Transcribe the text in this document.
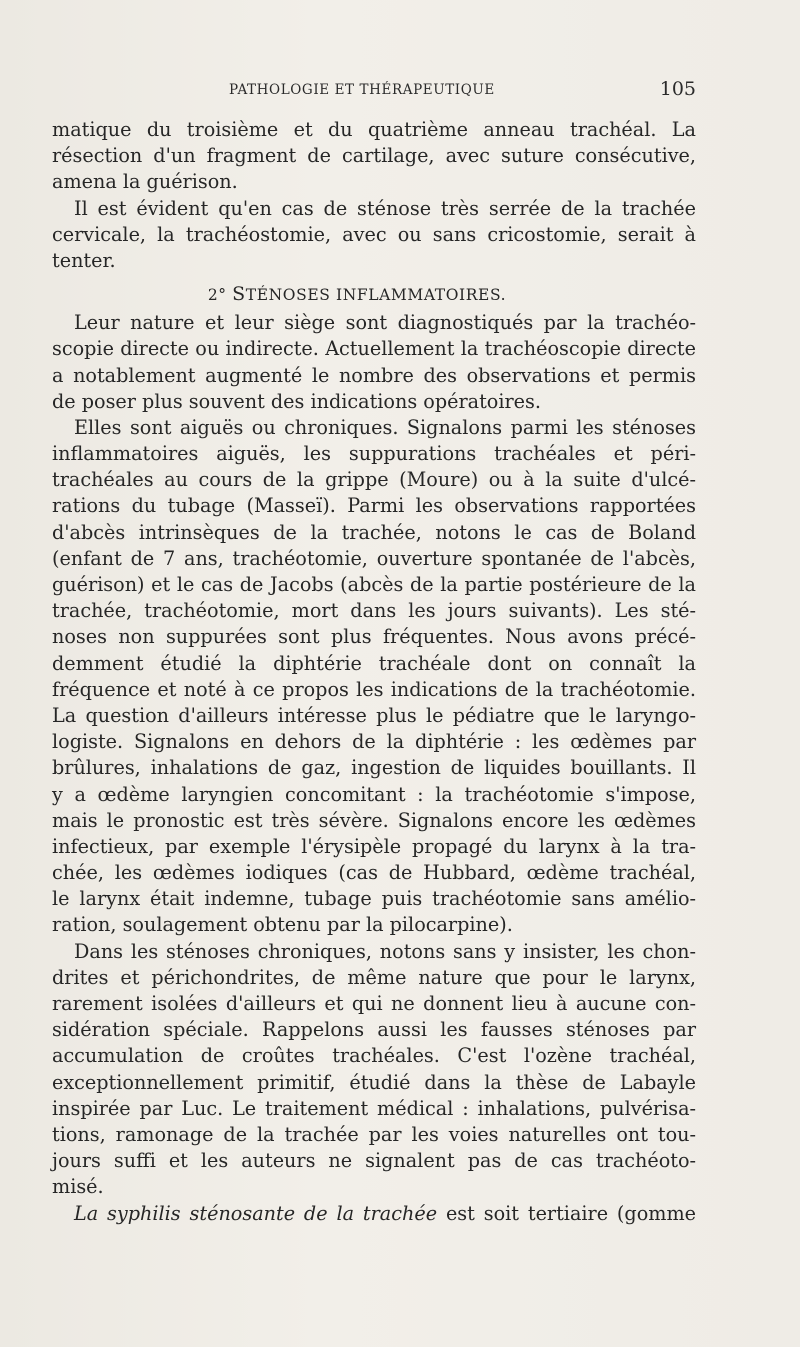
PATHOLOGIE ET THÉRAPEUTIQUE	105
matique du troisième et du quatrième anneau trachéal. La
résection d'un fragment de cartilage, avec suture consécutive,
amena la guérison.
Il est évident qu'en cas de sténose très serrée de la trachée
cervicale, la trachéostomie, avec ou sans cricostomie, serait à
tenter.
2° STÉNOSES INFLAMMATOIRES.
Leur nature et leur siège sont diagnostiqués par la trachéo-
scopie directe ou indirecte. Actuellement la trachéoscopie directe
a notablement augmenté le nombre des observations et permis
de poser plus souvent des indications opératoires.
Elles sont aiguës ou chroniques. Signalons parmi les sténoses
inflammatoires aiguës, les suppurations trachéales et péri-
trachéales au cours de la grippe (Moure) ou à la suite d'ulcé-
rations du tubage (Masseï). Parmi les observations rapportées
d'abcès intrinsèques de la trachée, notons le cas de Boland
(enfant de 7 ans, trachéotomie, ouverture spontanée de l'abcès,
guérison) et le cas de Jacobs (abcès de la partie postérieure de la
trachée, trachéotomie, mort dans les jours suivants). Les sté-
noses non suppurées sont plus fréquentes. Nous avons précé-
demment étudié la diphtérie trachéale dont on connaît la
fréquence et noté à ce propos les indications de la trachéotomie.
La question d'ailleurs intéresse plus le pédiatre que le laryngo-
logiste. Signalons en dehors de la diphtérie : les œdèmes par
brûlures, inhalations de gaz, ingestion de liquides bouillants. Il
y a œdème laryngien concomitant : la trachéotomie s'impose,
mais le pronostic est très sévère. Signalons encore les œdèmes
infectieux, par exemple l'érysipèle propagé du larynx à la tra-
chée, les œdèmes iodiques (cas de Hubbard, œdème trachéal,
le larynx était indemne, tubage puis trachéotomie sans amélio-
ration, soulagement obtenu par la pilocarpine).
Dans les sténoses chroniques, notons sans y insister, les chon-
drites et périchondrites, de même nature que pour le larynx,
rarement isolées d'ailleurs et qui ne donnent lieu à aucune con-
sidération spéciale. Rappelons aussi les fausses sténoses par
accumulation de croûtes trachéales. C'est l'ozène trachéal,
exceptionnellement primitif, étudié dans la thèse de Labayle
inspirée par Luc. Le traitement médical : inhalations, pulvérisa-
tions, ramonage de la trachée par les voies naturelles ont tou-
jours suffi et les auteurs ne signalent pas de cas trachéoto-
misé.
La syphilis sténosante de la trachée est soit tertiaire (gomme
